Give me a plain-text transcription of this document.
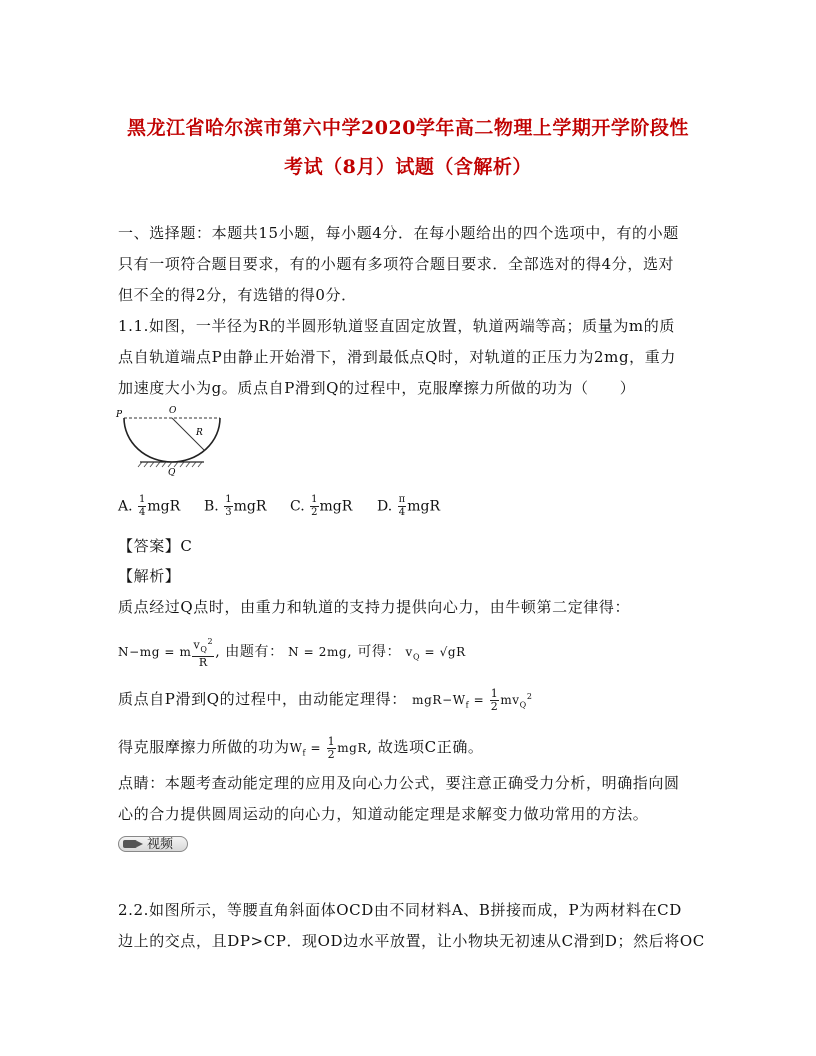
黑龙江省哈尔滨市第六中学2020学年高二物理上学期开学阶段性
考试（8月）试题（含解析）
一、选择题：本题共15小题，每小题4分．在每小题给出的四个选项中，有的小题
只有一项符合题目要求，有的小题有多项符合题目要求．全部选对的得4分，选对
但不全的得2分，有选错的得0分．
1.1.如图，一半径为R的半圆形轨道竖直固定放置，轨道两端等高；质量为m的质
点自轨道端点P由静止开始滑下，滑到最低点Q时，对轨道的正压力为2mg，重力
加速度大小为g。质点自P滑到Q的过程中，克服摩擦力所做的功为（　　）
P	O
R
Q
A. $\frac{1}{4}$ mgR B. $\frac{1}{3}$ mgR C. $\frac{1}{2}$ mgR D. $\frac{\pi}{4}$ mgR
【答案】C
【解析】
质点经过Q点时，由重力和轨道的支持力提供向心力，由牛顿第二定律得：
N−mg = m $\frac{v_Q^2}{R}$ , 由题有： N = 2mg, 可得： $v_Q = √gR$
质点自P滑到Q的过程中，由动能定理得： $mgR-W_f = \frac{1}{2} mv_Q^2$
得克服摩擦力所做的功为$W_f = \frac{1}{2}$ mgR, 故选项C正确。
点睛：本题考查动能定理的应用及向心力公式，要注意正确受力分析，明确指向圆
心的合力提供圆周运动的向心力，知道动能定理是求解变力做功常用的方法。
视频
2.2.如图所示，等腰直角斜面体OCD由不同材料A、B拼接而成，P为两材料在CD
边上的交点，且DP>CP．现OD边水平放置，让小物块无初速从C滑到D；然后将OC
